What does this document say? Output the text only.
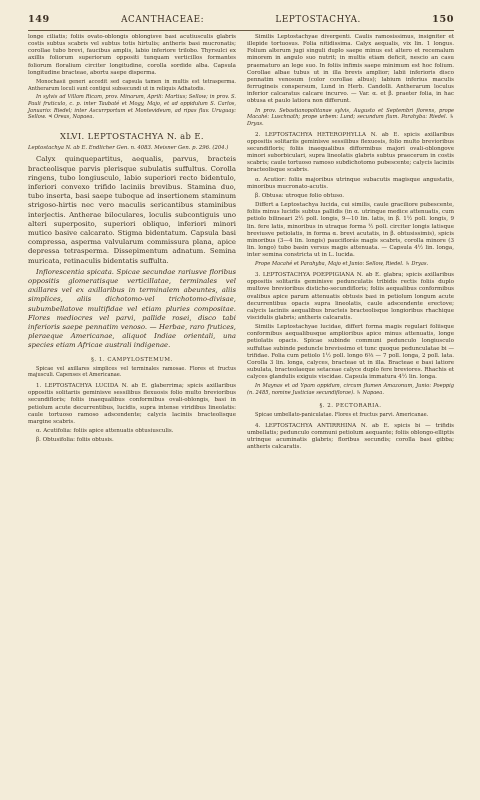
149	ACANTHACEAE:	LEPTOSTACHYA.	150

longe ciliatis; foliis ovato-oblongis oblongisve basi acutiusculis glabris costis subtus scabris vel subtus totis hirtulis; antheris basi mucronatis; corollae tubo brevi, faucibus amplis, labio inferiore trilobo. Thyrsulci ex axillis foliorum superiorum oppositi tunquam verticillos formantes foliorum floralium circiter longitudine, corolla sordide alba. Capsula longitudine bracteae, abortu saepe disperma.

Monochasii generi accedit sed capsula tamen in multis est tetrasperma. Antherarum loculi sunt contigui subsecundi ut in reliquis Adhatodis.

In sylvis ad Villam Ricam, prov. Minarum, Aprili: Martius; Sellow; in prov. S. Pauli fruticulo, c. p. inter Taubaté et Mogy, Majo, et ad oppidulum S. Carlos, Januario: Riedel; inter Ascurrportum et Montevideum, ad ripas fluv. Uruguay: Sellow. ♃ Oreas, Napaea.

XLVI. LEPTOSTACHYA N. ab E.

Leptostachya N. ab E. Endlicher Gen. n. 4083. Meisner Gen. p. 296. (204.)

Calyx quinquepartitus, aequalis, parvus, bracteis bracteolisque parvis plerisque subulatis suffultus. Corolla ringens, tubo longiusculo, labio superiori recto bidentulo, inferiori convexo trifido laciniis brevibus. Stamina duo, tubo inserta, basi saepe tuboque ad insertionem staminum strigoso-hirtis nec vero maculis sericantibus staminibus interjectis. Antherae biloculares, loculis subcontiguis uno alteri superposito, superiori obliquo, inferiori minori mutico basive calcarato. Stigma bidentatum. Capsula basi compressa, asperma valvularum commissura plana, apice depressa tetrasperma. Dissepimentum adnatum. Semina muricata, retinaculis bidentatis suffulta.

Inflorescentia spicata. Spicae secundae rariusve floribus oppositis glomeratisque verticillatae, terminales vel axillares vel ex axillaribus in terminalem abeuntes, aliis simplices, aliis dichotomo-vel trichotomo-divisae, subumbellatove multifidae vel etiam pluries compositae. Flores mediocres vel parvi, pallide rosei, disco tabi inferioris saepe pennatim venoso. — Herbae, raro frutices, pleraeque Americanae, aliquot Indiae orientali, una species etiam Africae australi indigenae.

§. 1. CAMPYLOSTEMUM.

Spicae vel axillares simplices vel terminales ramosae. Flores et fructus majusculi. Capenses et Americanae.

1. LEPTOSTACHYA LUCIDA N. ab E. glaberrima; spicis axillaribus oppositis solitariis geminisve sessilibus flexuosis folio multo brevioribus secundifloris; foliis inaequalibus conformibus ovali-oblongis, basi in petiolum acute decurrentibus, lucidis, supra intense viridibus lineolatis: caule tortuoso ramoso adscendente; calycis laciniis bracteolisque margine scabris.

α. Acutifolia: foliis apice attenuatis obtusiusculis.

β. Obtusifolia: foliis obtusis.

Similis Leptostachyae divergenti. Caulis ramosissimus, insigniter et illepide tortuosus. Folia nitidissima. Calyx aequalis, vix lin. 1 longus. Folium alterum jugi singuli duplo saepe minus est altero et recemalum minorem in angulo suo nutrit; in multis etiam deficit, nescio an casu praematuro an lege suo. In foliis infimis saepe minimum est hoc folium. Corollae albae tubus ut in illa brevis amplior; labii inferioris disco pennatim venosum (color corollae albus); labium inferius maculis ferrugineis conspersum, Lund in Herb. Candolli. Antherarum loculus inferior calcaratus calcare incurvo. — Var. α. et β. praeter folia, in hac obtusa et paulo latiora non differunt.

In prov. Sebastianopolitanae sylvis, Augusto et Septembri florens, prope Macahé: Luschnath; prope urbem: Lund; secundum flum. Parahyba: Riedel. ♄ Dryas.

2. LEPTOSTACHYA HETEROPHYLLA N. ab E. spicis axillaribus oppositis solitariis geminisve sessilibus flexuosis, folio multo brevioribus secundifloris; foliis inaequalibus difformibus majori ovali-oblongove minori suborbiculari, supra lineolatis glabris subtus praecerum in costis scabris; caule tortuoso ramoso subdichotomo pubescente; calycis laciniis bracteolisque scabris.

α. Acutior: foliis majoribus utrinque subacutis magisque angustatis, minoribus mucronato-acutis.

β. Obtusa: utroque folio obtuso.

Differt a Leptostachya lucida, cui similis, caule graciliore pubescente, foliis minus lucidis subtus pallidis (in α. utrinque medice attenuatis, cum petiolo bilineari 2½ poll. longis, 9—10 lin. latis, in β. 1½ poll. longis, 9 lin. fere latis, minoribus in utraque forma ½ poll. circiter longis latisque breviusve petiolatis, in forma α. brevi acutatis, in β. obtusissimis), spicis minoribus (3—4 lin. longis) pauciflorás magis scabris, corolla minore (3 lin. longo) tubo basin versus magis attenuata. — Capsula 4½ lin. longa, inter semina constricta ut in L. lucida.

Prope Macahé et Parahyba, Majo et Junio: Sellow, Riedel. ♄ Dryas.

3. LEPTOSTACHYA POEPPIGIANA N. ab E. glabra; spicis axillaribus oppositis solitariis geminisve pedunculatis tribidis rectis foliis duplo multove brevioribus disticho-secundifloris; foliis aequalibus conformibus ovalibus apice parum attenuatis obtusis basi in petiolum longum acute decurrentibus opacis supra lineolatis, caule adscendente erectove; calycis laciniis aequalibus bracteis bracteolisque longioribus rhachique viscidulis glabris; antheris calcaratis.

Similis Leptostachyae lucidae, differt forma magis regulari foliisque conformibus aequalibusque amplioribus apice minus attenuatis, longe petiolatis opacis. Spicae subinde communi pedunculo longiusculo suffultae subinde peduncle brevissimo et tunc quoque pedunculatae bi — trifidae. Folia cum petiolo 1½ poll. longo 6⅓ — 7 poll. longa, 2 poll. lata. Corolla 3 lin. longa, calyces, bracteae ut in illa. Bracteae e basi latiore subulata, bracteolaeque setaceae calyce duplo fere breviores. Rhachis et calyces glandulis exiguis viscidae. Capsula immatura 4½ lin. longa.

In Maynas et ad Ypam oppidum, circum flumen Amazonum, Junio: Poeppig (n. 2485, nomine Justiciae secundiflorae). ♄ Napaea.

§. 2. PECTORARIA.

Spicae umbellato-paniculatae. Flores et fructus parvi. Americanae.

4. LEPTOSTACHYA ANTIRRHINA N. ab E. spicis bi — trifidis umbellatis; pedunculo communi petiolum aequante; foliis oblongo-elliptis utrinque acuminatis glabris; floribus secundis; corolla basi gibba; antheris calcaratis.
